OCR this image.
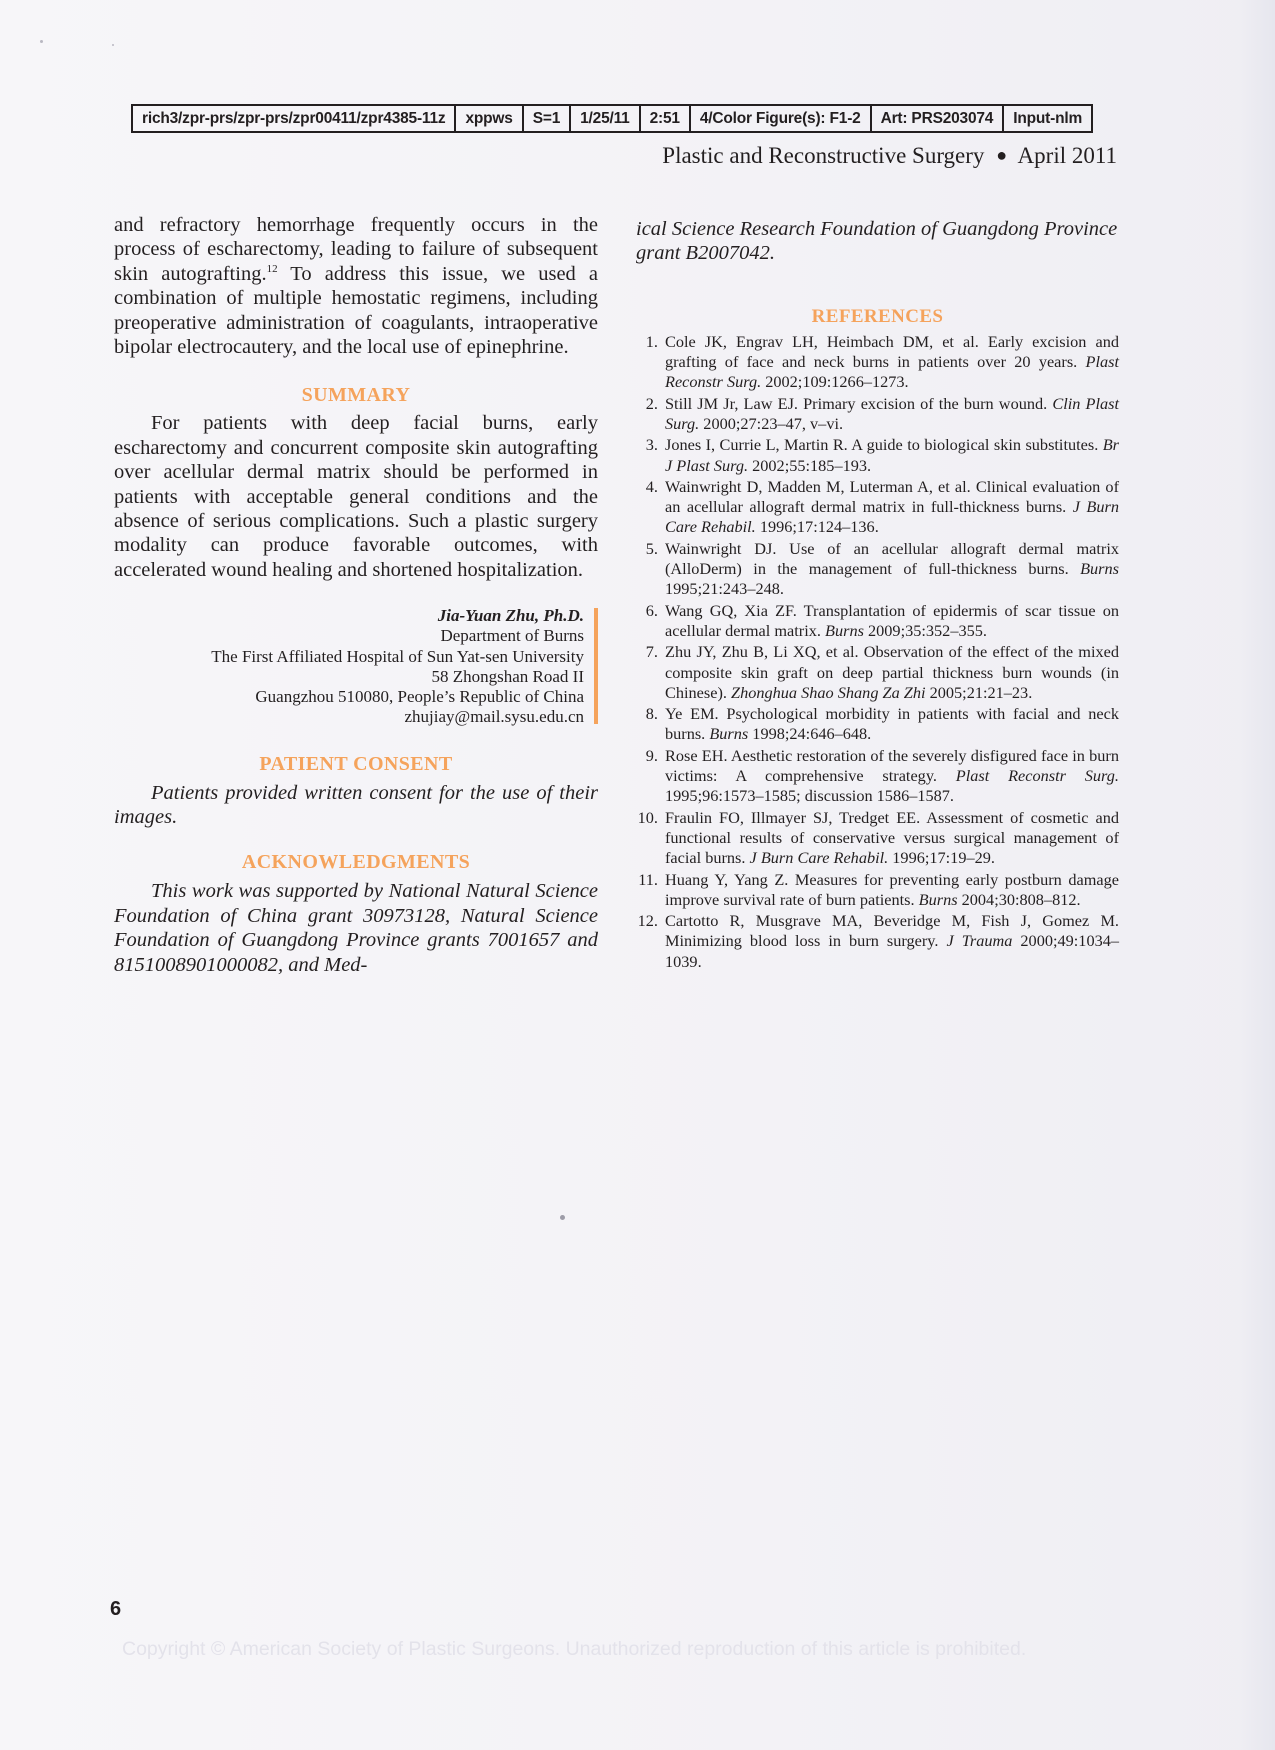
rich3/zpr-prs/zpr-prs/zpr00411/zpr4385-11z	xppws	S=1	1/25/11	2:51	4/Color Figure(s): F1-2	Art: PRS203074	Input-nlm
Plastic and Reconstructive Surgery ● April 2011

and refractory hemorrhage frequently occurs in the process of escharectomy, leading to failure of subsequent skin autografting.$^{12}$ To address this issue, we used a combination of multiple hemostatic regimens, including preoperative administration of coagulants, intraoperative bipolar electrocautery, and the local use of epinephrine.

SUMMARY

For patients with deep facial burns, early escharectomy and concurrent composite skin autografting over acellular dermal matrix should be performed in patients with acceptable general conditions and the absence of serious complications. Such a plastic surgery modality can produce favorable outcomes, with accelerated wound healing and shortened hospitalization.

Jia-Yuan Zhu, Ph.D.
Department of Burns
The First Affiliated Hospital of Sun Yat-sen University
58 Zhongshan Road II
Guangzhou 510080, People’s Republic of China
zhujiay@mail.sysu.edu.cn
PATIENT CONSENT

Patients provided written consent for the use of their images.

ACKNOWLEDGMENTS

This work was supported by National Natural Science Foundation of China grant 30973128, Natural Science Foundation of Guangdong Province grants 7001657 and 8151008901000082, and Med-

ical Science Research Foundation of Guangdong Province grant B2007042.

REFERENCES
1. Cole JK, Engrav LH, Heimbach DM, et al. Early excision and grafting of face and neck burns in patients over 20 years. Plast Reconstr Surg. 2002;109:1266–1273.
2. Still JM Jr, Law EJ. Primary excision of the burn wound. Clin Plast Surg. 2000;27:23–47, v–vi.
3. Jones I, Currie L, Martin R. A guide to biological skin substitutes. Br J Plast Surg. 2002;55:185–193.
4. Wainwright D, Madden M, Luterman A, et al. Clinical evaluation of an acellular allograft dermal matrix in full-thickness burns. J Burn Care Rehabil. 1996;17:124–136.
5. Wainwright DJ. Use of an acellular allograft dermal matrix (AlloDerm) in the management of full-thickness burns. Burns 1995;21:243–248.
6. Wang GQ, Xia ZF. Transplantation of epidermis of scar tissue on acellular dermal matrix. Burns 2009;35:352–355.
7. Zhu JY, Zhu B, Li XQ, et al. Observation of the effect of the mixed composite skin graft on deep partial thickness burn wounds (in Chinese). Zhonghua Shao Shang Za Zhi 2005;21:21–23.
8. Ye EM. Psychological morbidity in patients with facial and neck burns. Burns 1998;24:646–648.
9. Rose EH. Aesthetic restoration of the severely disfigured face in burn victims: A comprehensive strategy. Plast Reconstr Surg. 1995;96:1573–1585; discussion 1586–1587.
10. Fraulin FO, Illmayer SJ, Tredget EE. Assessment of cosmetic and functional results of conservative versus surgical management of facial burns. J Burn Care Rehabil. 1996;17:19–29.
11. Huang Y, Yang Z. Measures for preventing early postburn damage improve survival rate of burn patients. Burns 2004;30:808–812.
12. Cartotto R, Musgrave MA, Beveridge M, Fish J, Gomez M. Minimizing blood loss in burn surgery. J Trauma 2000;49:1034–1039.
6
Copyright © American Society of Plastic Surgeons. Unauthorized reproduction of this article is prohibited.
